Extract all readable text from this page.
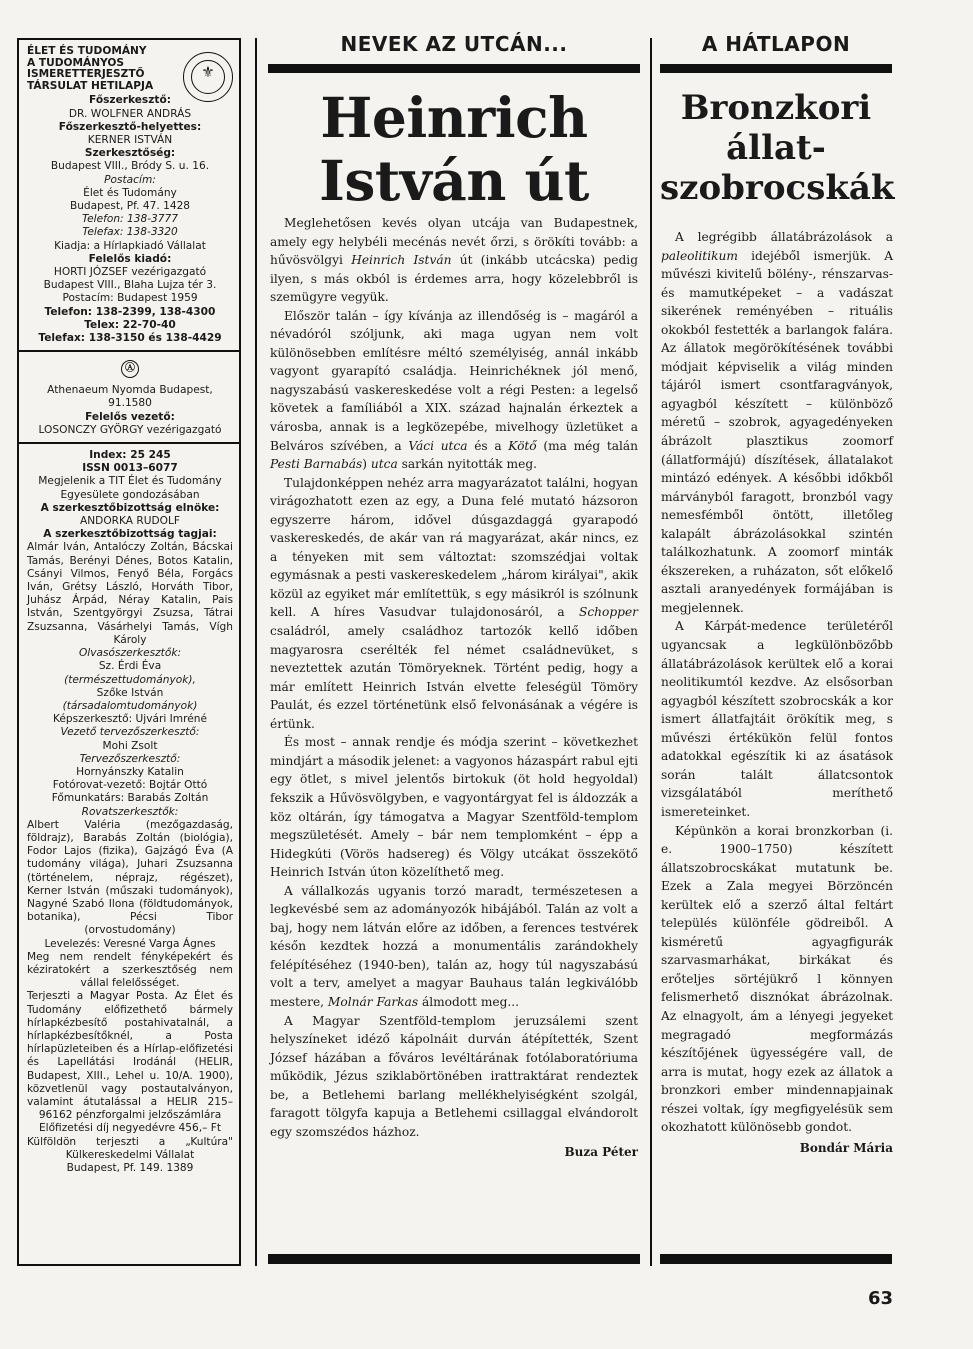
ÉLET ÉS TUDOMÁNY
A TUDOMÁNYOS
ISMERETTERJESZTŐ
TÁRSULAT HETILAPJA
⚜
Főszerkesztő:
DR. WOLFNER ANDRÁS
Főszerkesztő-helyettes:
KERNER ISTVÁN
Szerkesztőség:
Budapest VIII., Bródy S. u. 16.
Postacím:
Élet és Tudomány
Budapest, Pf. 47. 1428
Telefon: 138-3777
Telefax: 138-3320
Kiadja: a Hírlapkiadó Vállalat
Felelős kiadó:
HORTI JÓZSEF vezérigazgató
Budapest VIII., Blaha Lujza tér 3.
Postacím: Budapest 1959
Telefon: 138-2399, 138-4300
Telex: 22-70-40
Telefax: 138-3150 és 138-4429
Ⓐ
Athenaeum Nyomda Budapest,
91.1580
Felelős vezető:
LOSONCZY GYÖRGY vezérigazgató
Index: 25 245
ISSN 0013–6077
Megjelenik a TIT Élet és Tudomány
Egyesülete gondozásában
A szerkesztőbizottság elnöke:
ANDORKA RUDOLF
A szerkesztőbizottság tagjai:
Almár Iván, Antalóczy Zoltán, Bácskai Tamás, Berényi Dénes, Botos Katalin, Csányi Vilmos, Fenyő Béla, Forgács Iván, Grétsy László, Horváth Tibor, Juhász Árpád, Néray Katalin, Pais István, Szentgyörgyi Zsuzsa, Tátrai Zsuzsanna, Vásárhelyi Tamás, Vígh Károly
Olvasószerkesztők:
Sz. Érdi Éva
(természettudományok),
Szőke István
(társadalomtudományok)
Képszerkesztő: Ujvári Imréné
Vezető tervezőszerkesztő:
Mohi Zsolt
Tervezőszerkesztő:
Hornyánszky Katalin
Fotórovat-vezető: Bojtár Ottó
Főmunkatárs: Barabás Zoltán
Rovatszerkesztők:
Albert Valéria (mezőgazdaság, földrajz), Barabás Zoltán (biológia), Fodor Lajos (fizika), Gajzágó Éva (A tudomány világa), Juhari Zsuzsanna (történelem, néprajz, régészet), Kerner István (műszaki tudományok), Nagyné Szabó Ilona (földtudományok, botanika), Pécsi Tibor (orvostudomány)
Levelezés: Veresné Varga Ágnes
Meg nem rendelt fényképekért és kéziratokért a szerkesztőség nem vállal felelősséget.
Terjeszti a Magyar Posta. Az Élet és Tudomány előfizethető bármely hírlapkézbesítő postahivatalnál, a hírlapkézbesítőknél, a Posta hírlapüzleteiben és a Hírlap-előfizetési és Lapellátási Irodánál (HELIR, Budapest, XIII., Lehel u. 10/A. 1900), közvetlenül vagy postautalványon, valamint átutalással a HELIR 215–96162 pénzforgalmi jelzőszámlára
Előfizetési díj negyedévre 456,– Ft
Külföldön terjeszti a „Kultúra" Külkereskedelmi Vállalat
Budapest, Pf. 149. 1389
NEVEK AZ UTCÁN...
Heinrich
István út

Meglehetősen kevés olyan utcája van Budapestnek, amely egy helybéli mecénás nevét őrzi, s örökíti tovább: a hűvösvölgyi Heinrich István út (inkább utcácska) pedig ilyen, s más okból is érdemes arra, hogy közelebbről is szemügyre vegyük.

Először talán – így kívánja az illendőség is – magáról a névadóról szóljunk, aki maga ugyan nem volt különösebben említésre méltó személyiség, annál inkább vagyont gyarapító családja. Heinrichéknek jól menő, nagyszabású vaskereskedése volt a régi Pesten: a legelső követek a famíliából a XIX. század hajnalán érkeztek a városba, annak is a legközepébe, mivelhogy üzletüket a Belváros szívében, a Váci utca és a Kötő (ma még talán Pesti Barnabás) utca sarkán nyitották meg.

Tulajdonképpen nehéz arra magyarázatot találni, hogyan virágozhatott ezen az egy, a Duna felé mutató házsoron egyszerre három, idővel dúsgazdaggá gyarapodó vaskereskedés, de akár van rá magyarázat, akár nincs, ez a tényeken mit sem változtat: szomszédjai voltak egymásnak a pesti vaskereskedelem „három királyai", akik közül az egyiket már említettük, s egy másikról is szólnunk kell. A híres Vasudvar tulajdonosáról, a Schopper családról, amely családhoz tartozók kellő időben magyarosra cserélték fel német családnevüket, s neveztettek azután Tömöryeknek. Történt pedig, hogy a már említett Heinrich István elvette feleségül Tömöry Paulát, és ezzel történetünk első felvonásának a végére is értünk.

És most – annak rendje és módja szerint – következhet mindjárt a második jelenet: a vagyonos házaspárt rabul ejti egy ötlet, s mivel jelentős birtokuk (öt hold hegyoldal) fekszik a Hűvösvölgyben, e vagyontárgyat fel is áldozzák a köz oltárán, így támogatva a Magyar Szentföld-templom megszületését. Amely – bár nem templomként – épp a Hidegkúti (Vörös hadsereg) és Völgy utcákat összekötő Heinrich István úton közelíthető meg.

A vállalkozás ugyanis torzó maradt, természetesen a legkevésbé sem az adományozók hibájából. Talán az volt a baj, hogy nem látván előre az időben, a ferences testvérek későn kezdtek hozzá a monumentális zarándokhely felépítéséhez (1940-ben), talán az, hogy túl nagyszabású volt a terv, amelyet a magyar Bauhaus talán legkiválóbb mestere, Molnár Farkas álmodott meg...

A Magyar Szentföld-templom jeruzsálemi szent helyszíneket idéző kápolnáit durván átépítették, Szent József házában a főváros levéltárának fotólaboratóriuma működik, Jézus sziklabörtönében irattraktárat rendeztek be, a Betlehemi barlang mellékhelyiségként szolgál, faragott tölgyfa kapuja a Betlehemi csillaggal elvándorolt egy szomszédos házhoz.

Buza Péter
A HÁTLAPON
Bronzkori
állat-
szobrocskák

A legrégibb állatábrázolások a paleolitikum idejéből ismerjük. A művészi kivitelű bölény-, rénszarvas- és mamutképeket – a vadászat sikerének reményében – rituális okokból festették a barlangok falára. Az állatok megörökítésének további módjait képviselik a világ minden tájáról ismert csontfaragványok, agyagból készített – különböző méretű – szobrok, agyagedényeken ábrázolt plasztikus zoomorf (állatformájú) díszítések, állatalakot mintázó edények. A későbbi időkből márványból faragott, bronzból vagy nemesfémből öntött, illetőleg kalapált ábrázolásokkal szintén találkozhatunk. A zoomorf minták ékszereken, a ruházaton, sőt előkelő asztali aranyedények formájában is megjelennek.

A Kárpát-medence területéről ugyancsak a legkülönbözőbb állatábrázolások kerültek elő a korai neolitikumtól kezdve. Az elsősorban agyagból készített szobrocskák a kor ismert állatfajtáit örökítik meg, s művészi értékükön felül fontos adatokkal egészítik ki az ásatások során talált állatcsontok vizsgálatából meríthető ismereteinket.

Képünkön a korai bronzkorban (i. e. 1900–1750) készített állatszobrocskákat mutatunk be. Ezek a Zala megyei Börzöncén kerültek elő a szerző által feltárt település különféle gödreiből. A kisméretű agyagfigurák szarvasmarhákat, birkákat és erőteljes sörtéjükrő l könnyen felismerhető disznókat ábrázolnak. Az elnagyolt, ám a lényegi jegyeket megragadó megformázás készítőjének ügyességére vall, de arra is mutat, hogy ezek az állatok a bronzkori ember mindennapjainak részei voltak, így megfigyelésük sem okozhatott különösebb gondot.

Bondár Mária
63
